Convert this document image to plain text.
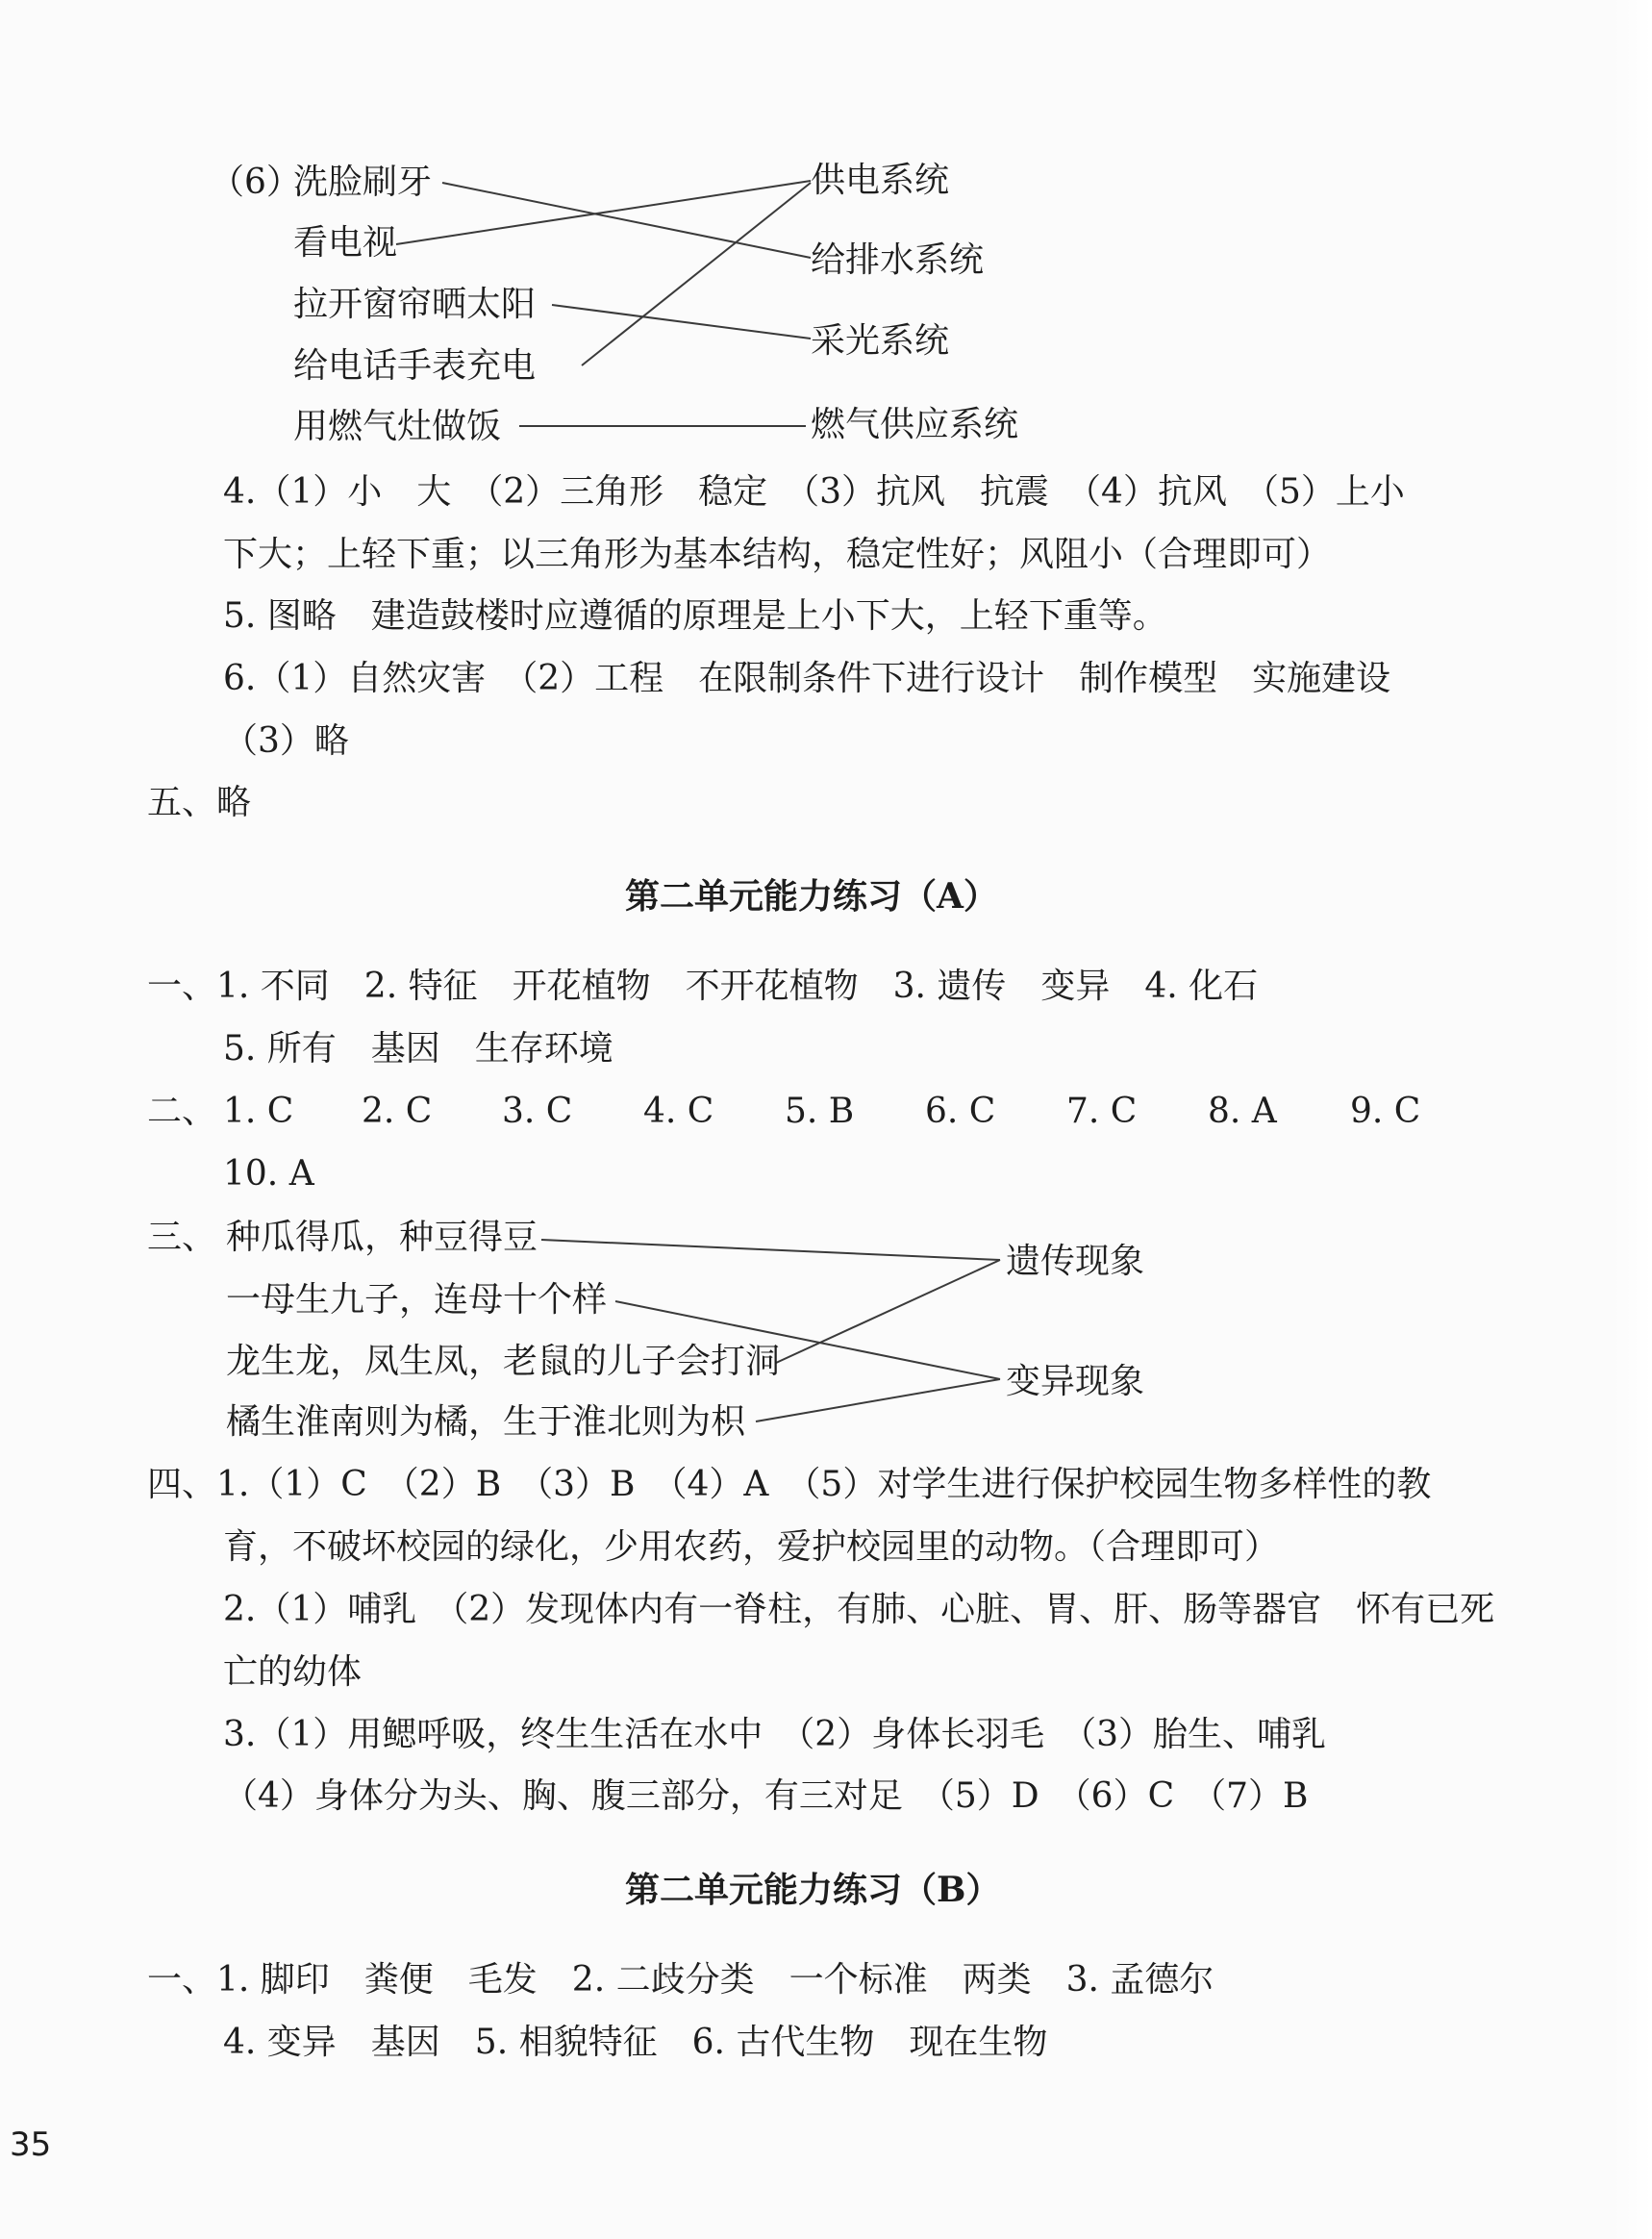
（6）
洗脸刷牙
看电视
拉开窗帘晒太阳
给电话手表充电
用燃气灶做饭
供电系统
给排水系统
采光系统
燃气供应系统
4.（1）小　大　（2）三角形　稳定　（3）抗风　抗震　（4）抗风　（5）上小
下大；上轻下重；以三角形为基本结构，稳定性好；风阻小（合理即可）
5. 图略　建造鼓楼时应遵循的原理是上小下大，上轻下重等。
6.（1）自然灾害　（2）工程　在限制条件下进行设计　制作模型　实施建设
（3）略
五、略
第二单元能力练习（A）
一、1. 不同　2. 特征　开花植物　不开花植物　3. 遗传　变异　4. 化石
5. 所有　基因　生存环境
二、 1. C 2. C 3. C 4. C 5. B 6. C 7. C 8. A 9. C
10. A
三、 种瓜得瓜，种豆得豆
一母生九子，连母十个样
龙生龙，凤生凤，老鼠的儿子会打洞
橘生淮南则为橘，生于淮北则为枳
遗传现象
变异现象
四、1.（1）C　（2）B　（3）B　（4）A　（5）对学生进行保护校园生物多样性的教
育，不破坏校园的绿化，少用农药，爱护校园里的动物。（合理即可）
2.（1）哺乳　（2）发现体内有一脊柱，有肺、心脏、胃、肝、肠等器官　怀有已死
亡的幼体
3.（1）用鳃呼吸，终生生活在水中　（2）身体长羽毛　（3）胎生、哺乳
（4）身体分为头、胸、腹三部分，有三对足　（5）D　（6）C　（7）B
第二单元能力练习（B）
一、1. 脚印　粪便　毛发　2. 二歧分类　一个标准　两类　3. 孟德尔
4. 变异　基因　5. 相貌特征　6. 古代生物　现在生物
35
